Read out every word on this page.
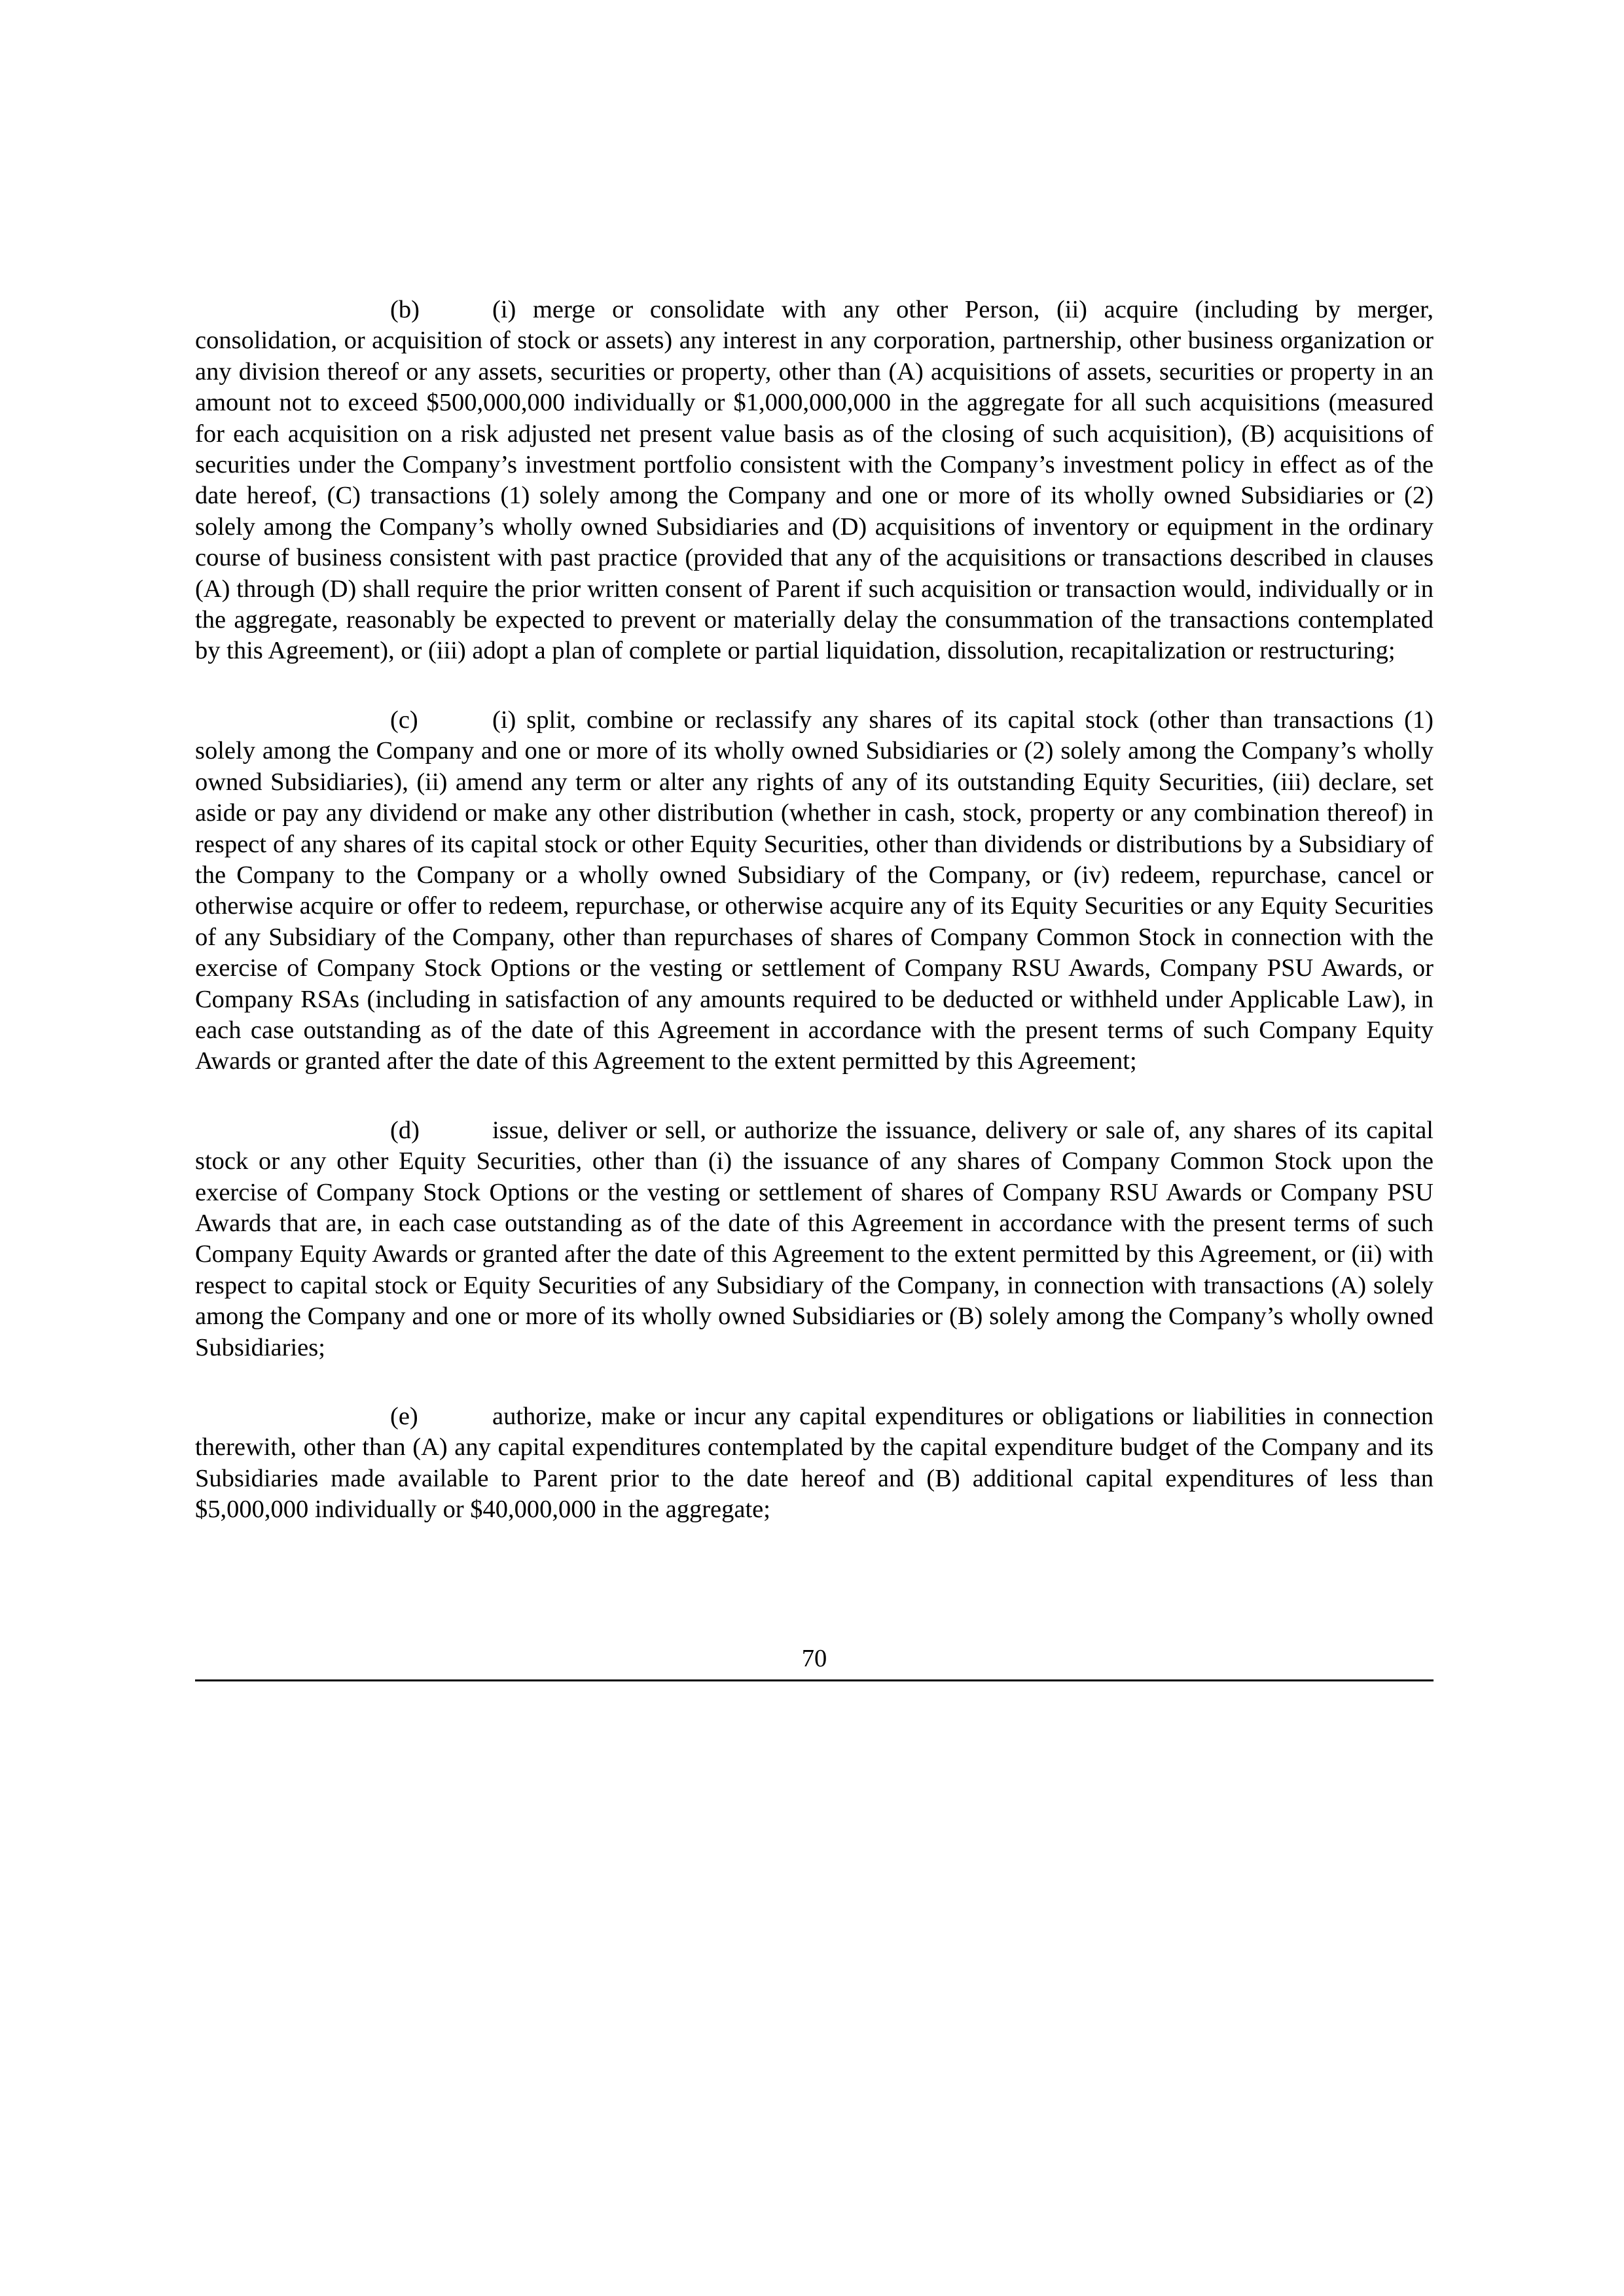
(b)	(i) merge or consolidate with any other Person, (ii) acquire (including by merger, consolidation, or acquisition of stock or assets) any interest in any corporation, partnership, other business organization or any division thereof or any assets, securities or property, other than (A) acquisitions of assets, securities or property in an amount not to exceed $500,000,000 individually or $1,000,000,000 in the aggregate for all such acquisitions (measured for each acquisition on a risk adjusted net present value basis as of the closing of such acquisition), (B) acquisitions of securities under the Company’s investment portfolio consistent with the Company’s investment policy in effect as of the date hereof, (C) transactions (1) solely among the Company and one or more of its wholly owned Subsidiaries or (2) solely among the Company’s wholly owned Subsidiaries and (D) acquisitions of inventory or equipment in the ordinary course of business consistent with past practice (provided that any of the acquisitions or transactions described in clauses (A) through (D) shall require the prior written consent of Parent if such acquisition or transaction would, individually or in the aggregate, reasonably be expected to prevent or materially delay the consummation of the transactions contemplated by this Agreement), or (iii) adopt a plan of complete or partial liquidation, dissolution, recapitalization or restructuring;

(c)	(i) split, combine or reclassify any shares of its capital stock (other than transactions (1) solely among the Company and one or more of its wholly owned Subsidiaries or (2) solely among the Company’s wholly owned Subsidiaries), (ii) amend any term or alter any rights of any of its outstanding Equity Securities, (iii) declare, set aside or pay any dividend or make any other distribution (whether in cash, stock, property or any combination thereof) in respect of any shares of its capital stock or other Equity Securities, other than dividends or distributions by a Subsidiary of the Company to the Company or a wholly owned Subsidiary of the Company, or (iv) redeem, repurchase, cancel or otherwise acquire or offer to redeem, repurchase, or otherwise acquire any of its Equity Securities or any Equity Securities of any Subsidiary of the Company, other than repurchases of shares of Company Common Stock in connection with the exercise of Company Stock Options or the vesting or settlement of Company RSU Awards, Company PSU Awards, or Company RSAs (including in satisfaction of any amounts required to be deducted or withheld under Applicable Law), in each case outstanding as of the date of this Agreement in accordance with the present terms of such Company Equity Awards or granted after the date of this Agreement to the extent permitted by this Agreement;

(d)	issue, deliver or sell, or authorize the issuance, delivery or sale of, any shares of its capital stock or any other Equity Securities, other than (i) the issuance of any shares of Company Common Stock upon the exercise of Company Stock Options or the vesting or settlement of shares of Company RSU Awards or Company PSU Awards that are, in each case outstanding as of the date of this Agreement in accordance with the present terms of such Company Equity Awards or granted after the date of this Agreement to the extent permitted by this Agreement, or (ii) with respect to capital stock or Equity Securities of any Subsidiary of the Company, in connection with transactions (A) solely among the Company and one or more of its wholly owned Subsidiaries or (B) solely among the Company’s wholly owned Subsidiaries;

(e)	authorize, make or incur any capital expenditures or obligations or liabilities in connection therewith, other than (A) any capital expenditures contemplated by the capital expenditure budget of the Company and its Subsidiaries made available to Parent prior to the date hereof and (B) additional capital expenditures of less than $5,000,000 individually or $40,000,000 in the aggregate;

70
